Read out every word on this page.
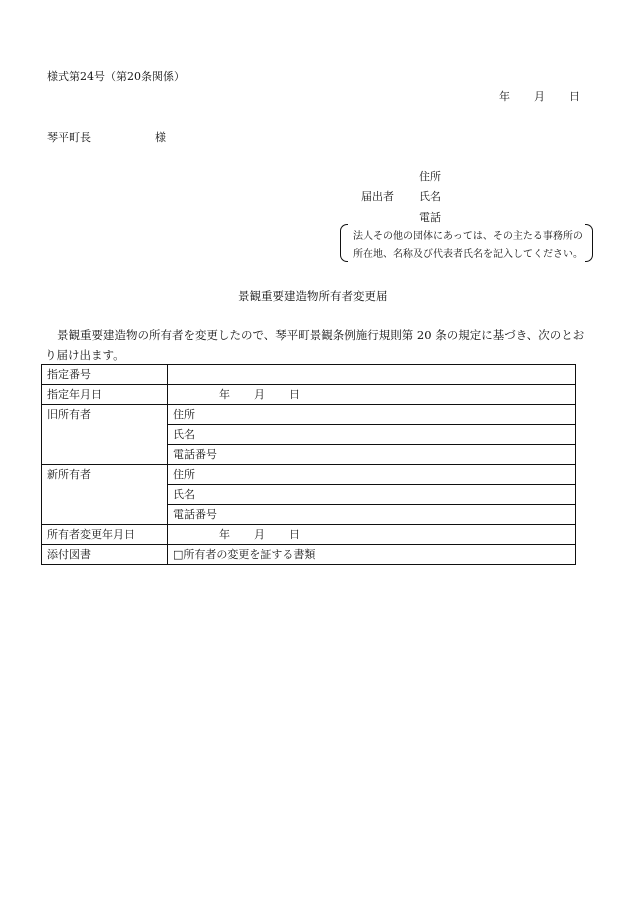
様式第24号（第20条関係）
年 月 日
琴平町長	様
住所
届出者 氏名
電話
法人その他の団体にあっては、その主たる事務所の
所在地、名称及び代表者氏名を記入してください。
景観重要建造物所有者変更届
景観重要建造物の所有者を変更したので、琴平町景観条例施行規則第 20 条の規定に基づき、次のとおり届け出ます。
指定番号	
指定年月日	年 月 日
旧所有者	住所
	氏名
	電話番号
新所有者	住所
	氏名
	電話番号
所有者変更年月日	年 月 日
添付図書	□所有者の変更を証する書類
